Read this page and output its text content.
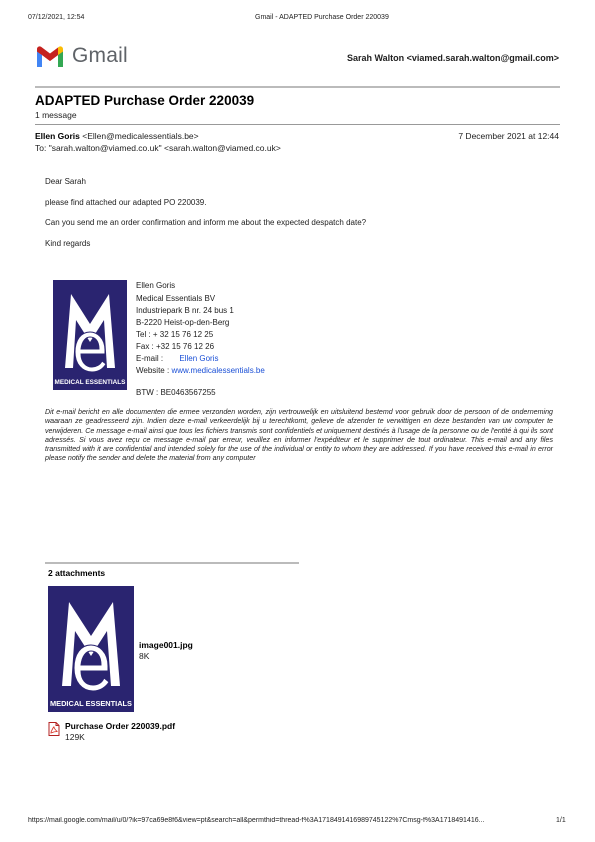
07/12/2021, 12:54	Gmail - ADAPTED Purchase Order 220039
Gmail	Sarah Walton <viamed.sarah.walton@gmail.com>
ADAPTED Purchase Order 220039
1 message
Ellen Goris <Ellen@medicalessentials.be>	7 December 2021 at 12:44
To: "sarah.walton@viamed.co.uk" <sarah.walton@viamed.co.uk>
Dear Sarah
please find attached our adapted PO 220039.
Can you send me an order confirmation and inform me about the expected despatch date?
Kind regards
MEDICAL ESSENTIALS
Ellen Goris
Medical Essentials BV
Industriepark B nr. 24 bus 1
B-2220 Heist-op-den-Berg
Tel : + 32 15 76 12 25
Fax : +32 15 76 12 26
E-mail : Ellen Goris
Website : www.medicalessentials.be
BTW : BE0463567255
Dit e-mail bericht en alle documenten die ermee verzonden worden, zijn vertrouwelijk en uitsluitend bestemd voor gebruik door de persoon of de onderneming waaraan ze geadresseerd zijn. Indien deze e-mail verkeerdelijk bij u terechtkomt, gelieve de afzender te verwittigen en deze bestanden van uw computer te verwijderen. Ce message e-mail ainsi que tous les fichiers transmis sont confidentiels et uniquement destinés à l'usage de la personne ou de l'entité à qui ils sont adressés. Si vous avez reçu ce message e-mail par erreur, veuillez en informer l'expéditeur et le supprimer de tout ordinateur. This e-mail and any files transmitted with it are confidential and intended solely for the use of the individual or entity to whom they are addressed. If you have received this e-mail in error please notify the sender and delete the material from any computer
2 attachments
MEDICAL ESSENTIALS
image001.jpg
8K
Purchase Order 220039.pdf
129K
https://mail.google.com/mail/u/0/?ik=97ca69e8f6&view=pt&search=all&permthid=thread-f%3A1718491416989745122%7Cmsg-f%3A1718491416...	1/1
